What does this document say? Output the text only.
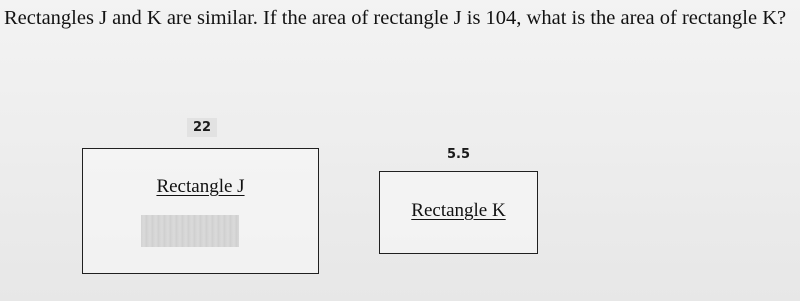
Rectangles J and K are similar. If the area of rectangle J is 104, what is the area of rectangle K?
22
Rectangle J
5.5
Rectangle K
